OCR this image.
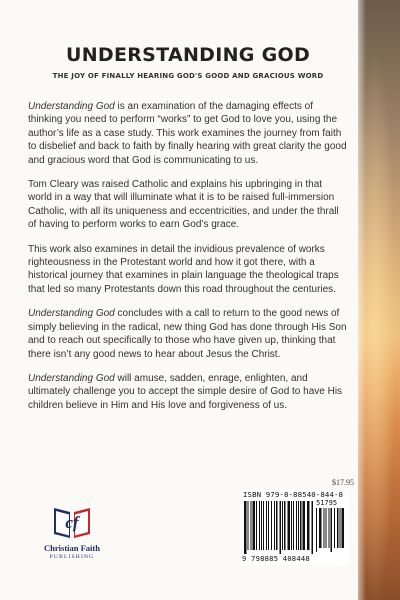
UNDERSTANDING GOD
THE JOY OF FINALLY HEARING GOD'S GOOD AND GRACIOUS WORD

Understanding God is an examination of the damaging effects of thinking you need to perform “works” to get God to love you, using the author’s life as a case study. This work examines the journey from faith to disbelief and back to faith by finally hearing with great clarity the good and gracious word that God is communicating to us.

Tom Cleary was raised Catholic and explains his upbringing in that world in a way that will illuminate what it is to be raised full-immersion Catholic, with all its uniqueness and eccentricities, and under the thrall of having to perform works to earn God’s grace.

This work also examines in detail the invidious prevalence of works righteousness in the Protestant world and how it got there, with a historical journey that examines in plain language the theological traps that led so many Protestants down this road throughout the centuries.

Understanding God concludes with a call to return to the good news of simply believing in the radical, new thing God has done through His Son and to reach out specifically to those who have given up, thinking that there isn’t any good news to hear about Jesus the Christ.

Understanding God will amuse, sadden, enrage, enlighten, and ultimately challenge you to accept the simple desire of God to have His children believe in Him and His love and forgiveness of us.

cf
Christian Faith
PUBLISHING
$17.95
ISBN 979-8-88540-844-8
51795
9 798885 408448
